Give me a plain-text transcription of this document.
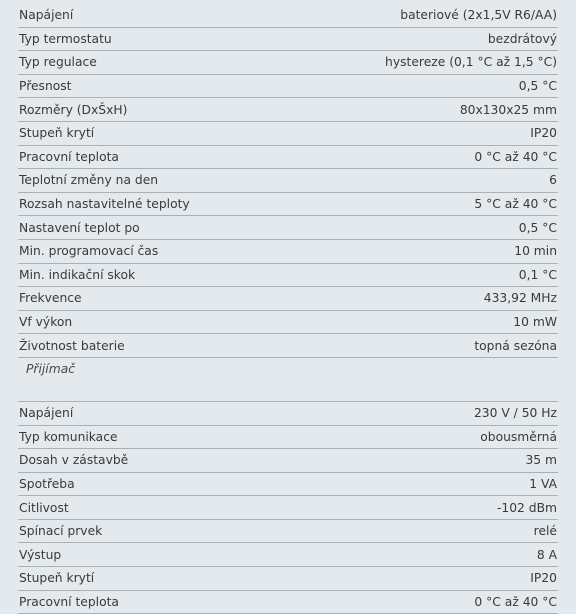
Napájení	bateriové (2x1,5V R6/AA)
Typ termostatu	bezdrátový
Typ regulace	hystereze (0,1 °C až 1,5 °C)
Přesnost	0,5 °C
Rozměry (DxŠxH)	80x130x25 mm
Stupeň krytí	IP20
Pracovní teplota	0 °C až 40 °C
Teplotní změny na den	6
Rozsah nastavitelné teploty	5 °C až 40 °C
Nastavení teplot po	0,5 °C
Min. programovací čas	10 min
Min. indikační skok	0,1 °C
Frekvence	433,92 MHz
Vf výkon	10 mW
Životnost baterie	topná sezóna
Přijímač
Napájení	230 V / 50 Hz
Typ komunikace	obousměrná
Dosah v zástavbě	35 m
Spotřeba	1 VA
Citlivost	-102 dBm
Spínací prvek	relé
Výstup	8 A
Stupeň krytí	IP20
Pracovní teplota	0 °C až 40 °C
